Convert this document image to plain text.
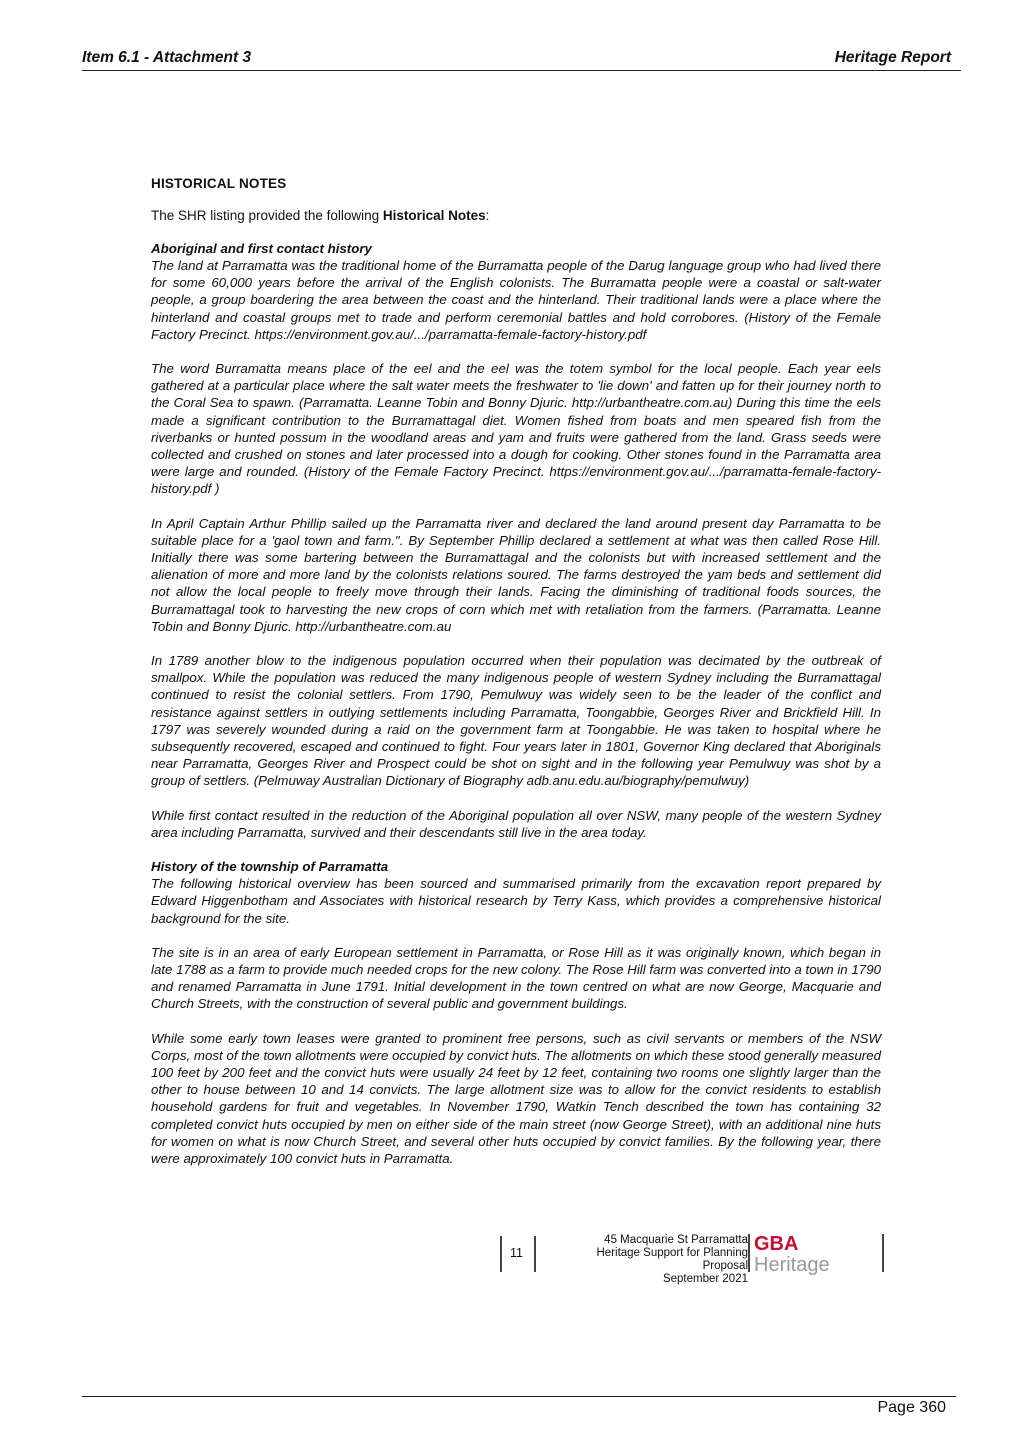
Item 6.1 - Attachment 3	Heritage Report
HISTORICAL NOTES
The SHR listing provided the following Historical Notes:
Aboriginal and first contact history

The land at Parramatta was the traditional home of the Burramatta people of the Darug language group who had lived there for some 60,000 years before the arrival of the English colonists. The Burramatta people were a coastal or salt-water people, a group boardering the area between the coast and the hinterland. Their traditional lands were a place where the hinterland and coastal groups met to trade and perform ceremonial battles and hold corrobores. (History of the Female Factory Precinct. https://environment.gov.au/.../parramatta-female-factory-history.pdf

The word Burramatta means place of the eel and the eel was the totem symbol for the local people. Each year eels gathered at a particular place where the salt water meets the freshwater to 'lie down' and fatten up for their journey north to the Coral Sea to spawn. (Parramatta. Leanne Tobin and Bonny Djuric. http://urbantheatre.com.au) During this time the eels made a significant contribution to the Burramattagal diet. Women fished from boats and men speared fish from the riverbanks or hunted possum in the woodland areas and yam and fruits were gathered from the land. Grass seeds were collected and crushed on stones and later processed into a dough for cooking. Other stones found in the Parramatta area were large and rounded. (History of the Female Factory Precinct. https://environment.gov.au/.../parramatta-female-factory-history.pdf )

In April Captain Arthur Phillip sailed up the Parramatta river and declared the land around present day Parramatta to be suitable place for a 'gaol town and farm.". By September Phillip declared a settlement at what was then called Rose Hill. Initially there was some bartering between the Burramattagal and the colonists but with increased settlement and the alienation of more and more land by the colonists relations soured. The farms destroyed the yam beds and settlement did not allow the local people to freely move through their lands. Facing the diminishing of traditional foods sources, the Burramattagal took to harvesting the new crops of corn which met with retaliation from the farmers. (Parramatta. Leanne Tobin and Bonny Djuric. http://urbantheatre.com.au

In 1789 another blow to the indigenous population occurred when their population was decimated by the outbreak of smallpox. While the population was reduced the many indigenous people of western Sydney including the Burramattagal continued to resist the colonial settlers. From 1790, Pemulwuy was widely seen to be the leader of the conflict and resistance against settlers in outlying settlements including Parramatta, Toongabbie, Georges River and Brickfield Hill. In 1797 was severely wounded during a raid on the government farm at Toongabbie. He was taken to hospital where he subsequently recovered, escaped and continued to fight. Four years later in 1801, Governor King declared that Aboriginals near Parramatta, Georges River and Prospect could be shot on sight and in the following year Pemulwuy was shot by a group of settlers. (Pelmuway Australian Dictionary of Biography adb.anu.edu.au/biography/pemulwuy)

While first contact resulted in the reduction of the Aboriginal population all over NSW, many people of the western Sydney area including Parramatta, survived and their descendants still live in the area today.

History of the township of Parramatta

The following historical overview has been sourced and summarised primarily from the excavation report prepared by Edward Higgenbotham and Associates with historical research by Terry Kass, which provides a comprehensive historical background for the site.

The site is in an area of early European settlement in Parramatta, or Rose Hill as it was originally known, which began in late 1788 as a farm to provide much needed crops for the new colony. The Rose Hill farm was converted into a town in 1790 and renamed Parramatta in June 1791. Initial development in the town centred on what are now George, Macquarie and Church Streets, with the construction of several public and government buildings.

While some early town leases were granted to prominent free persons, such as civil servants or members of the NSW Corps, most of the town allotments were occupied by convict huts. The allotments on which these stood generally measured 100 feet by 200 feet and the convict huts were usually 24 feet by 12 feet, containing two rooms one slightly larger than the other to house between 10 and 14 convicts. The large allotment size was to allow for the convict residents to establish household gardens for fruit and vegetables. In November 1790, Watkin Tench described the town has containing 32 completed convict huts occupied by men on either side of the main street (now George Street), with an additional nine huts for women on what is now Church Street, and several other huts occupied by convict families. By the following year, there were approximately 100 convict huts in Parramatta.

11
45 Macquarie St Parramatta
Heritage Support for Planning
Proposal
September 2021
GBA
Heritage
Page 360
